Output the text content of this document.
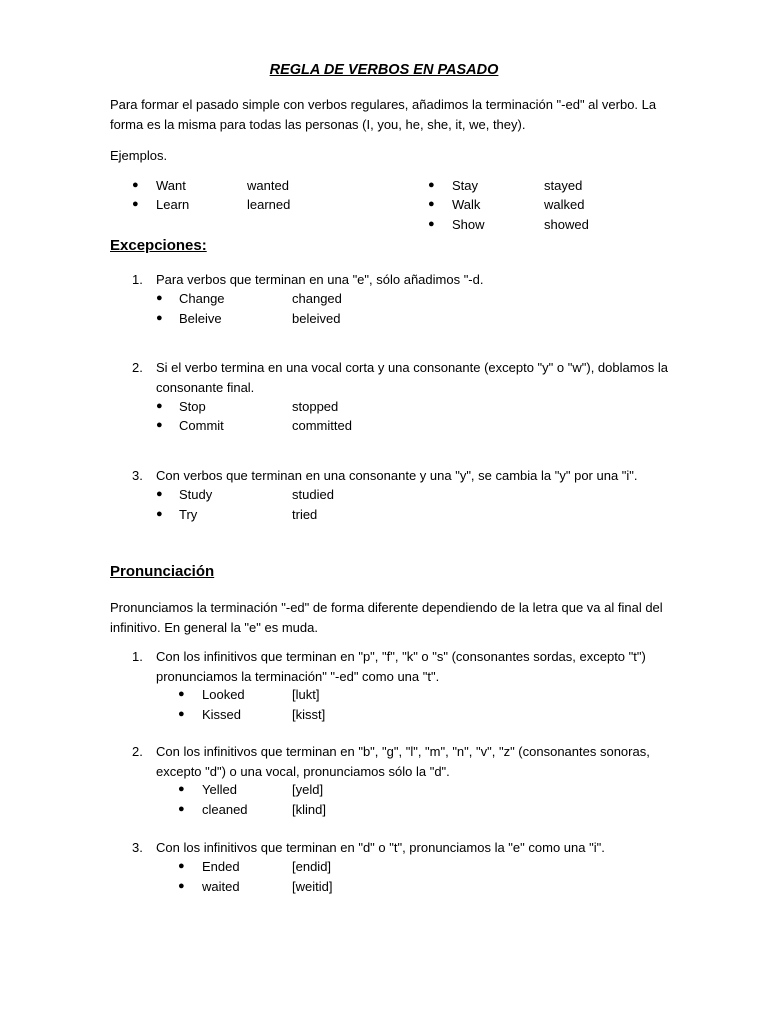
REGLA DE VERBOS EN PASADO
Para formar el pasado simple con verbos regulares, añadimos la terminación "-ed" al verbo. La forma es la misma para todas las personas (I, you, he, she, it, we, they).
Ejemplos.
● Want	wanted
● Learn	learned
● Stay	stayed
● Walk	walked
● Show	showed
Excepciones:
1. Para verbos que terminan en una "e", sólo añadimos "-d.
● Change	changed
● Beleive	beleived
2. Si el verbo termina en una vocal corta y una consonante (excepto "y" o "w"), doblamos la consonante final.
● Stop	stopped
● Commit	committed
3. Con verbos que terminan en una consonante y una "y", se cambia la "y" por una "i".
● Study	studied
● Try	tried
Pronunciación
Pronunciamos la terminación "-ed" de forma diferente dependiendo de la letra que va al final del infinitivo. En general la "e" es muda.
1. Con los infinitivos que terminan en "p", "f", "k" o "s" (consonantes sordas, excepto "t") pronunciamos la terminación" "-ed" como una "t".
● Looked	[lukt]
● Kissed	[kisst]
2. Con los infinitivos que terminan en "b", "g", "l", "m", "n", "v", "z" (consonantes sonoras, excepto "d") o una vocal, pronunciamos sólo la "d".
● Yelled	[yeld]
● cleaned	[klind]
3. Con los infinitivos que terminan en "d" o "t", pronunciamos la "e" como una "i".
● Ended	[endid]
● waited	[weitid]
